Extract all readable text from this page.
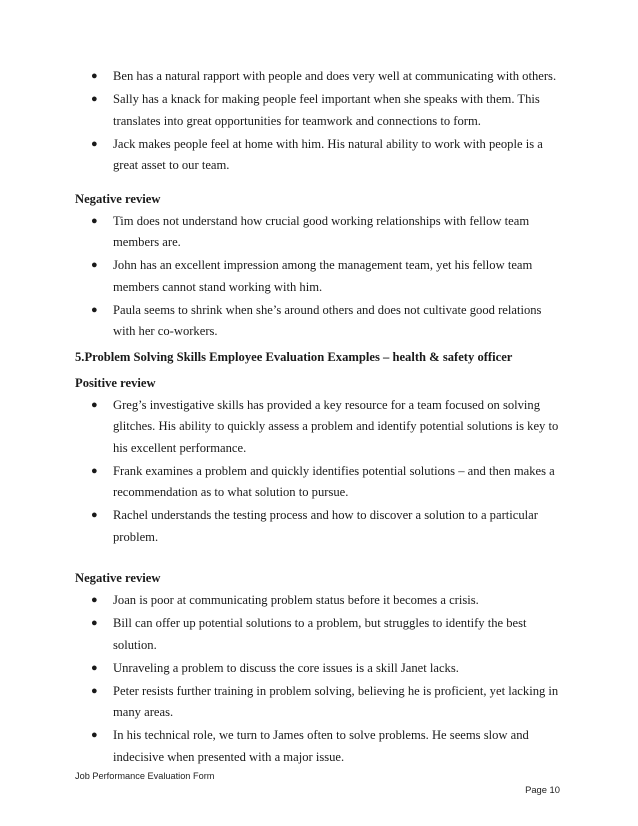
● Ben has a natural rapport with people and does very well at communicating with others.
● Sally has a knack for making people feel important when she speaks with them. This translates into great opportunities for teamwork and connections to form.
● Jack makes people feel at home with him. His natural ability to work with people is a great asset to our team.
Negative review
● Tim does not understand how crucial good working relationships with fellow team members are.
● John has an excellent impression among the management team, yet his fellow team members cannot stand working with him.
● Paula seems to shrink when she’s around others and does not cultivate good relations with her co-workers.
5.Problem Solving Skills Employee Evaluation Examples – health & safety officer
Positive review
● Greg’s investigative skills has provided a key resource for a team focused on solving glitches. His ability to quickly assess a problem and identify potential solutions is key to his excellent performance.
● Frank examines a problem and quickly identifies potential solutions – and then makes a recommendation as to what solution to pursue.
● Rachel understands the testing process and how to discover a solution to a particular problem.
Negative review
● Joan is poor at communicating problem status before it becomes a crisis.
● Bill can offer up potential solutions to a problem, but struggles to identify the best solution.
● Unraveling a problem to discuss the core issues is a skill Janet lacks.
● Peter resists further training in problem solving, believing he is proficient, yet lacking in many areas.
● In his technical role, we turn to James often to solve problems. He seems slow and indecisive when presented with a major issue.
Job Performance Evaluation Form
Page 10
